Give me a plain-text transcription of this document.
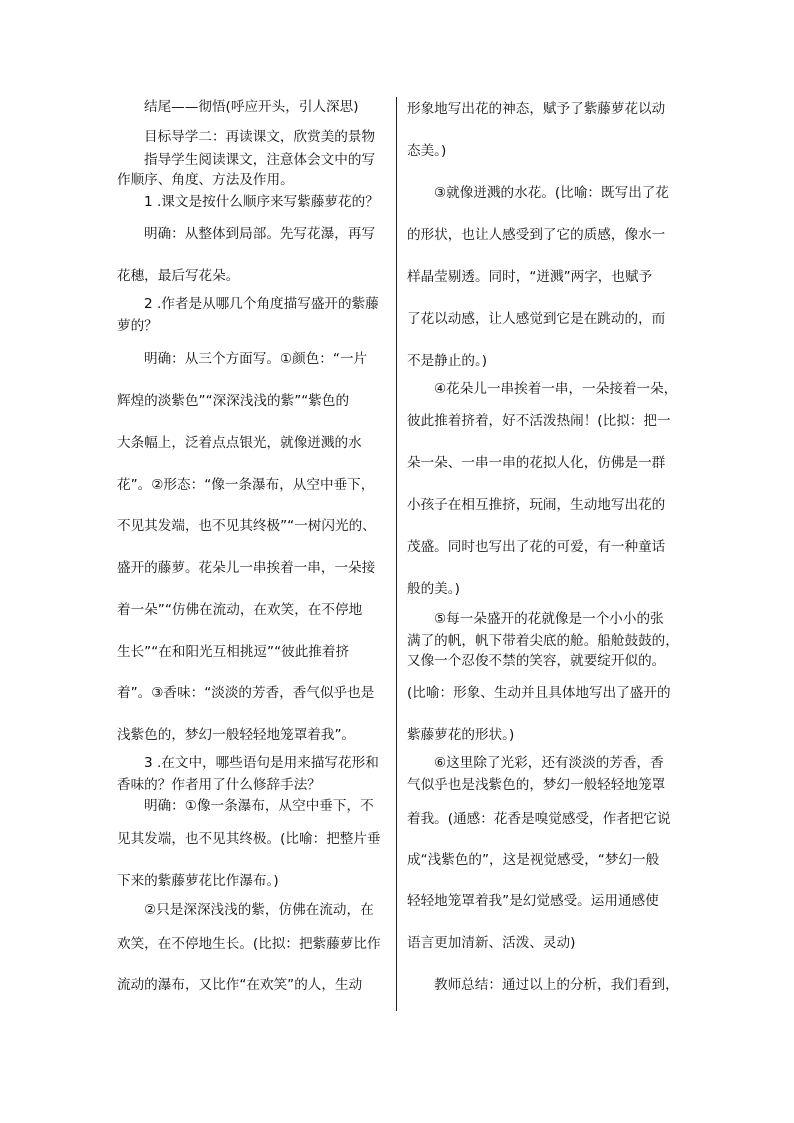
结尾——彻悟(呼应开头，引人深思)
目标导学二：再读课文，欣赏美的景物
指导学生阅读课文，注意体会文中的写
作顺序、角度、方法及作用。
1 .课文是按什么顺序来写紫藤萝花的？
明确：从整体到局部。先写花瀑，再写
花穗，最后写花朵。
2 .作者是从哪几个角度描写盛开的紫藤
萝的？
明确：从三个方面写。①颜色：“一片
辉煌的淡紫色”“深深浅浅的紫”“紫色的
大条幅上，泛着点点银光，就像迸溅的水
花”。②形态：“像一条瀑布，从空中垂下，
不见其发端，也不见其终极”“一树闪光的、
盛开的藤萝。花朵儿一串挨着一串，一朵接
着一朵”“仿佛在流动，在欢笑，在不停地
生长”“在和阳光互相挑逗”“彼此推着挤
着”。③香味：“淡淡的芳香，香气似乎也是
浅紫色的，梦幻一般轻轻地笼罩着我”。
3 .在文中，哪些语句是用来描写花形和
香味的？作者用了什么修辞手法？
明确：①像一条瀑布，从空中垂下，不
见其发端，也不见其终极。(比喻：把整片垂
下来的紫藤萝花比作瀑布。)
②只是深深浅浅的紫，仿佛在流动，在
欢笑，在不停地生长。(比拟：把紫藤萝比作
流动的瀑布，又比作“在欢笑”的人，生动
形象地写出花的神态，赋予了紫藤萝花以动
态美。)
③就像迸溅的水花。(比喻：既写出了花
的形状，也让人感受到了它的质感，像水一
样晶莹剔透。同时，“迸溅”两字，也赋予
了花以动感，让人感觉到它是在跳动的，而
不是静止的。)
④花朵儿一串挨着一串，一朵接着一朵，
彼此推着挤着，好不活泼热闹！(比拟：把一
朵一朵、一串一串的花拟人化，仿佛是一群
小孩子在相互推挤，玩闹，生动地写出花的
茂盛。同时也写出了花的可爱，有一种童话
般的美。)
⑤每一朵盛开的花就像是一个小小的张
满了的帆，帆下带着尖底的舱。船舱鼓鼓的，
又像一个忍俊不禁的笑容，就要绽开似的。
(比喻：形象、生动并且具体地写出了盛开的
紫藤萝花的形状。)
⑥这里除了光彩，还有淡淡的芳香，香
气似乎也是浅紫色的，梦幻一般轻轻地笼罩
着我。(通感：花香是嗅觉感受，作者把它说
成“浅紫色的”，这是视觉感受，“梦幻一般
轻轻地笼罩着我”是幻觉感受。运用通感使
语言更加清新、活泼、灵动)
教师总结：通过以上的分析，我们看到，
